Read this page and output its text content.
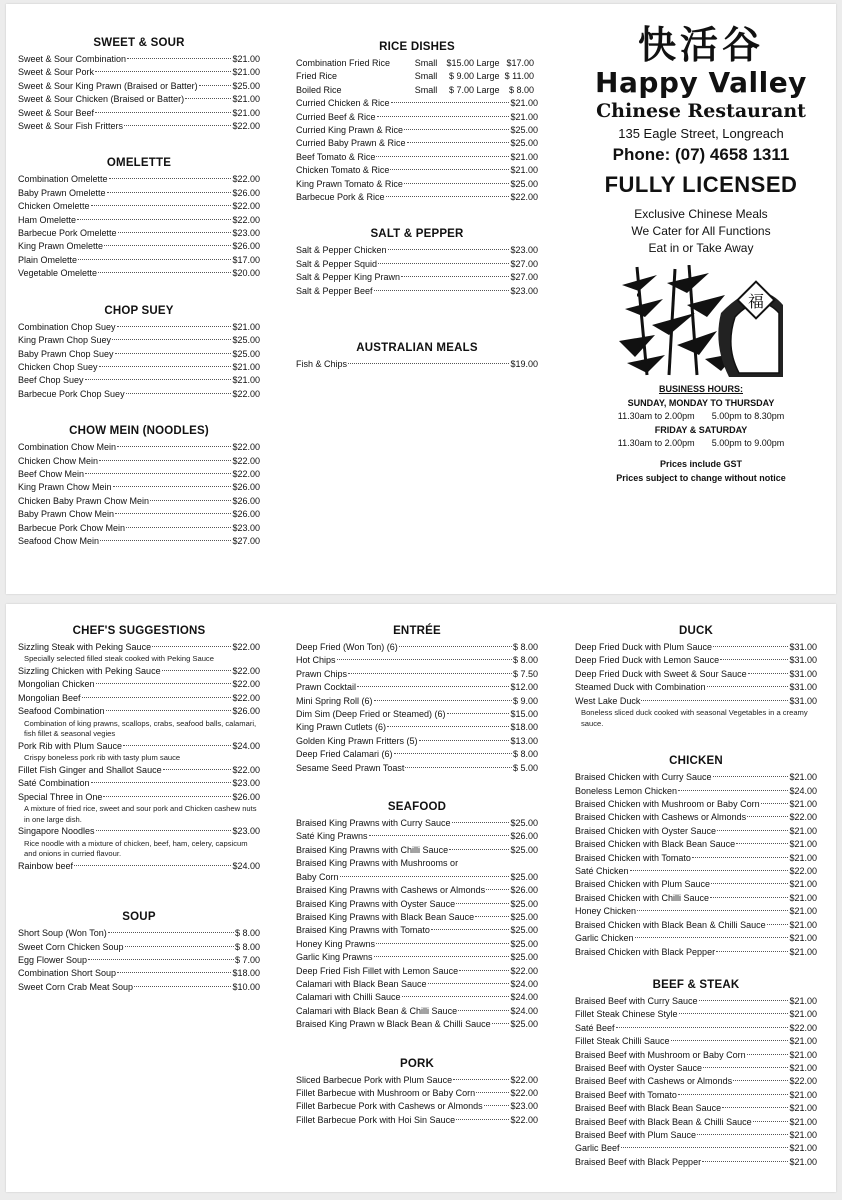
SWEET & SOUR
Sweet & Sour Combination	$21.00
Sweet & Sour Pork	$21.00
Sweet & Sour King Prawn (Braised or Batter)	$25.00
Sweet & Sour Chicken (Braised or Batter)	$21.00
Sweet & Sour Beef	$21.00
Sweet & Sour Fish Fritters	$22.00
OMELETTE
Combination Omelette	$22.00
Baby Prawn Omelette	$26.00
Chicken Omelette	$22.00
Ham Omelette	$22.00
Barbecue Pork Omelette	$23.00
King Prawn Omelette	$26.00
Plain Omelette	$17.00
Vegetable Omelette	$20.00
CHOP SUEY
Combination Chop Suey	$21.00
King Prawn Chop Suey	$25.00
Baby Prawn Chop Suey	$25.00
Chicken Chop Suey	$21.00
Beef Chop Suey	$21.00
Barbecue Pork Chop Suey	$22.00
CHOW MEIN (NOODLES)
Combination Chow Mein	$22.00
Chicken Chow Mein	$22.00
Beef Chow Mein	$22.00
King Prawn Chow Mein	$26.00
Chicken Baby Prawn Chow Mein	$26.00
Baby Prawn Chow Mein	$26.00
Barbecue Pork Chow Mein	$23.00
Seafood Chow Mein	$27.00
RICE DISHES
Combination Fried Rice	Small	$15.00 Large $17.00
Fried Rice	Small	$ 9.00 Large $ 11.00
Boiled Rice	Small	$ 7.00 Large	$ 8.00
Curried Chicken & Rice	$21.00
Curried Beef & Rice	$21.00
Curried King Prawn & Rice	$25.00
Curried Baby Prawn & Rice	$25.00
Beef Tomato & Rice	$21.00
Chicken Tomato & Rice	$21.00
King Prawn Tomato & Rice	$25.00
Barbecue Pork & Rice	$22.00
SALT & PEPPER
Salt & Pepper Chicken	$23.00
Salt & Pepper Squid	$27.00
Salt & Pepper King Prawn	$27.00
Salt & Pepper Beef	$23.00
AUSTRALIAN MEALS
Fish & Chips	$19.00
快活谷
Happy Valley
Chinese Restaurant
135 Eagle Street, Longreach
Phone: (07) 4658 1311
FULLY LICENSED
Exclusive Chinese Meals
We Cater for All Functions
Eat in or Take Away
福
BUSINESS HOURS:
SUNDAY, MONDAY TO THURSDAY
11.30am to 2.00pm 5.00pm to 8.30pm
FRIDAY & SATURDAY
11.30am to 2.00pm 5.00pm to 9.00pm
Prices include GST
Prices subject to change without notice
CHEF'S SUGGESTIONS
Sizzling Steak with Peking Sauce	$22.00
Specially selected filled steak cooked with Peking Sauce
Sizzling Chicken with Peking Sauce	$22.00
Mongolian Chicken	$22.00
Mongolian Beef	$22.00
Seafood Combination	$26.00
Combination of king prawns, scallops, crabs, seafood balls, calamari, fish fillet & seasonal vegies
Pork Rib with Plum Sauce	$24.00
Crispy boneless pork rib with tasty plum sauce
Fillet Fish Ginger and Shallot Sauce	$22.00
Saté Combination	$23.00
Special Three in One	$26.00
A mixture of fried rice, sweet and sour pork and Chicken cashew nuts in one large dish.
Singapore Noodles	$23.00
Rice noodle with a mixture of chicken, beef, ham, celery, capsicum and onions in curried flavour.
Rainbow beef	$24.00
SOUP
Short Soup (Won Ton)	$ 8.00
Sweet Corn Chicken Soup	$ 8.00
Egg Flower Soup	$ 7.00
Combination Short Soup	$18.00
Sweet Corn Crab Meat Soup	$10.00
ENTRÉE
Deep Fried (Won Ton) (6)	$ 8.00
Hot Chips	$ 8.00
Prawn Chips	$ 7.50
Prawn Cocktail	$12.00
Mini Spring Roll (6)	$ 9.00
Dim Sim (Deep Fried or Steamed) (6)	$15.00
King Prawn Cutlets (6)	$18.00
Golden King Prawn Fritters (5)	$13.00
Deep Fried Calamari (6)	$ 8.00
Sesame Seed Prawn Toast	$ 5.00
SEAFOOD
Braised King Prawns with Curry Sauce	$25.00
Saté King Prawns	$26.00
Braised King Prawns with Chilli Sauce	$25.00
Braised King Prawns with Mushrooms or
Baby Corn	$25.00
Braised King Prawns with Cashews or Almonds	$26.00
Braised King Prawns with Oyster Sauce	$25.00
Braised King Prawns with Black Bean Sauce	$25.00
Braised King Prawns with Tomato	$25.00
Honey King Prawns	$25.00
Garlic King Prawns	$25.00
Deep Fried Fish Fillet with Lemon Sauce	$22.00
Calamari with Black Bean Sauce	$24.00
Calamari with Chilli Sauce	$24.00
Calamari with Black Bean & Chilli Sauce	$24.00
Braised King Prawn w Black Bean & Chilli Sauce $25.00
PORK
Sliced Barbecue Pork with Plum Sauce	$22.00
Fillet Barbecue with Mushroom or Baby Corn	$22.00
Fillet Barbecue Pork with Cashews or Almonds	$23.00
Fillet Barbecue Pork with Hoi Sin Sauce	$22.00
DUCK
Deep Fried Duck with Plum Sauce	$31.00
Deep Fried Duck with Lemon Sauce	$31.00
Deep Fried Duck with Sweet & Sour Sauce	$31.00
Steamed Duck with Combination	$31.00
West Lake Duck	$31.00
Boneless sliced duck cooked with seasonal Vegetables in a creamy sauce.
CHICKEN
Braised Chicken with Curry Sauce	$21.00
Boneless Lemon Chicken	$24.00
Braised Chicken with Mushroom or Baby Corn	$21.00
Braised Chicken with Cashews or Almonds	$22.00
Braised Chicken with Oyster Sauce	$21.00
Braised Chicken with Black Bean Sauce	$21.00
Braised Chicken with Tomato	$21.00
Saté Chicken	$22.00
Braised Chicken with Plum Sauce	$21.00
Braised Chicken with Chilli Sauce	$21.00
Honey Chicken	$21.00
Braised Chicken with Black Bean & Chilli Sauce	$21.00
Garlic Chicken	$21.00
Braised Chicken with Black Pepper	$21.00
BEEF & STEAK
Braised Beef with Curry Sauce	$21.00
Fillet Steak Chinese Style	$21.00
Saté Beef	$22.00
Fillet Steak Chilli Sauce	$21.00
Braised Beef with Mushroom or Baby Corn	$21.00
Braised Beef with Oyster Sauce	$21.00
Braised Beef with Cashews or Almonds	$22.00
Braised Beef with Tomato	$21.00
Braised Beef with Black Bean Sauce	$21.00
Braised Beef with Black Bean & Chilli Sauce	$21.00
Braised Beef with Plum Sauce	$21.00
Garlic Beef	$21.00
Braised Beef with Black Pepper	$21.00
